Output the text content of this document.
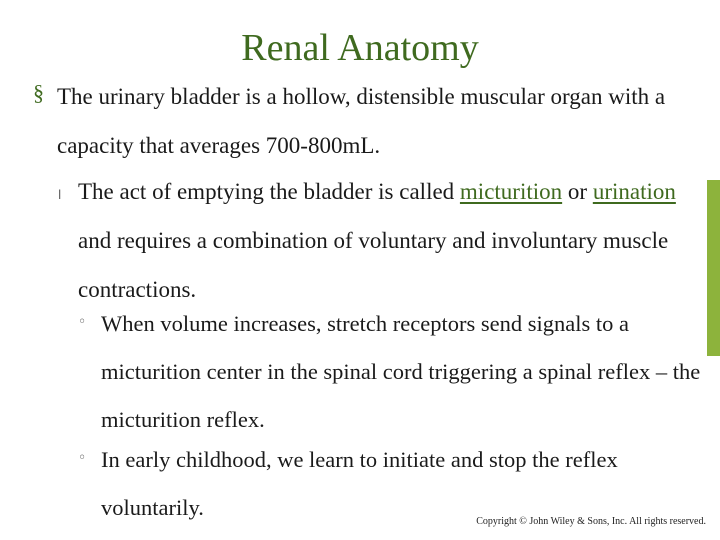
Renal Anatomy
§ The urinary bladder is a hollow, distensible muscular organ with a capacity that averages 700-800mL.

l The act of emptying the bladder is called micturition or urination and requires a combination of voluntary and involuntary muscle contractions.

◦ When volume increases, stretch receptors send signals to a micturition center in the spinal cord triggering a spinal reflex – the micturition reflex.

◦ In early childhood, we learn to initiate and stop the reflex voluntarily.

Copyright © John Wiley & Sons, Inc. All rights reserved.
